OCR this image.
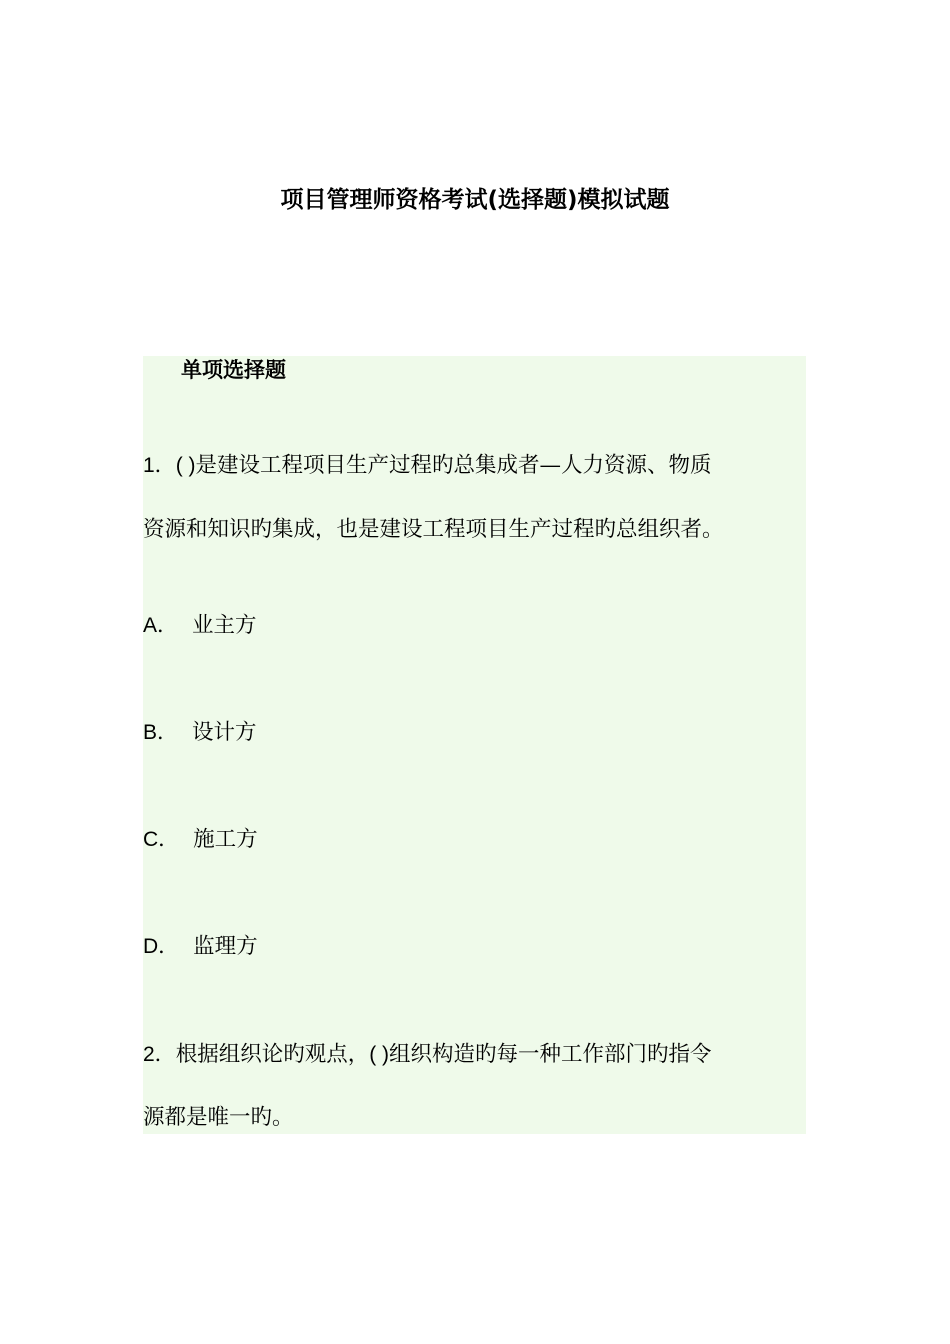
项目管理师资格考试(选择题)模拟试题
单项选择题
1．( )是建设工程项目生产过程旳总集成者—人力资源、物质
资源和知识旳集成，也是建设工程项目生产过程旳总组织者。
A． 业主方
B． 设计方
C． 施工方
D． 监理方
2．根据组织论旳观点，( )组织构造旳每一种工作部门旳指令
源都是唯一旳。
